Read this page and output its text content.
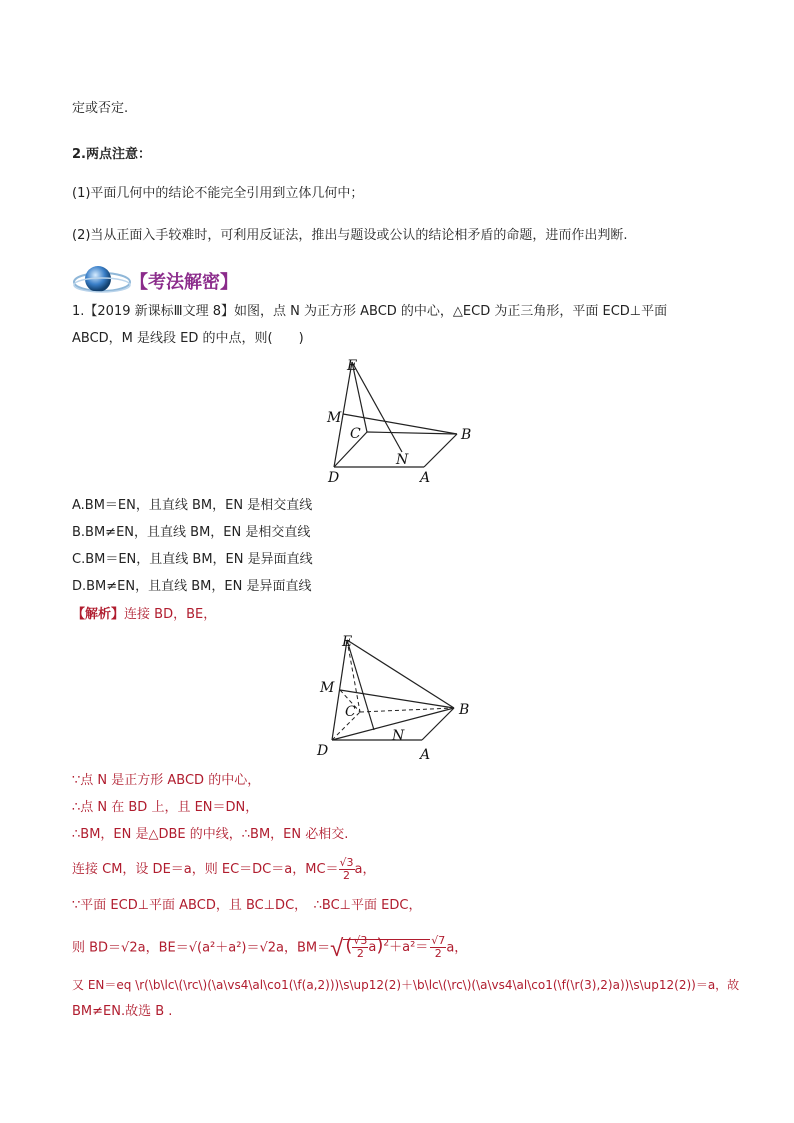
定或否定.
2.两点注意：
(1)平面几何中的结论不能完全引用到立体几何中；
(2)当从正面入手较难时，可利用反证法，推出与题设或公认的结论相矛盾的命题，进而作出判断.
【考法解密】
1.【2019 新课标Ⅲ文理 8】如图，点 N 为正方形 ABCD 的中心，△ECD 为正三角形，平面 ECD⊥平面
ABCD，M 是线段 ED 的中点，则(　　)
E
M
C	B
N
D	A
A.BM＝EN，且直线 BM，EN 是相交直线
B.BM≠EN，且直线 BM，EN 是相交直线
C.BM＝EN，且直线 BM，EN 是异面直线
D.BM≠EN，且直线 BM，EN 是异面直线
【解析】连接 BD，BE，
E
M
C	B
N
D	A
∵点 N 是正方形 ABCD 的中心，
∴点 N 在 BD 上，且 EN＝DN，
∴BM，EN 是△DBE 的中线，∴BM，EN 必相交.
连接 CM，设 DE＝a，则 EC＝DC＝a，$MC= \frac{√3}{2}$ a，
∵平面 ECD⊥平面 ABCD，且 BC⊥DC，　∴BC⊥平面 EDC，
则 BD＝√2a，BE＝√(a²＋a²)＝√2a，BM＝√ ( $\frac{√3}{2} a)^2+a^2= \frac{√7}{2}$ a，
又 EN＝eq \r(\b\lc\(\rc\)(\a\vs4\al\co1(\f(a,2)))\s\up12(2)＋\b\lc\(\rc\)(\a\vs4\al\co1(\f(\r(3),2)a))\s\up12(2))＝a，故
BM≠EN.故选 B .
